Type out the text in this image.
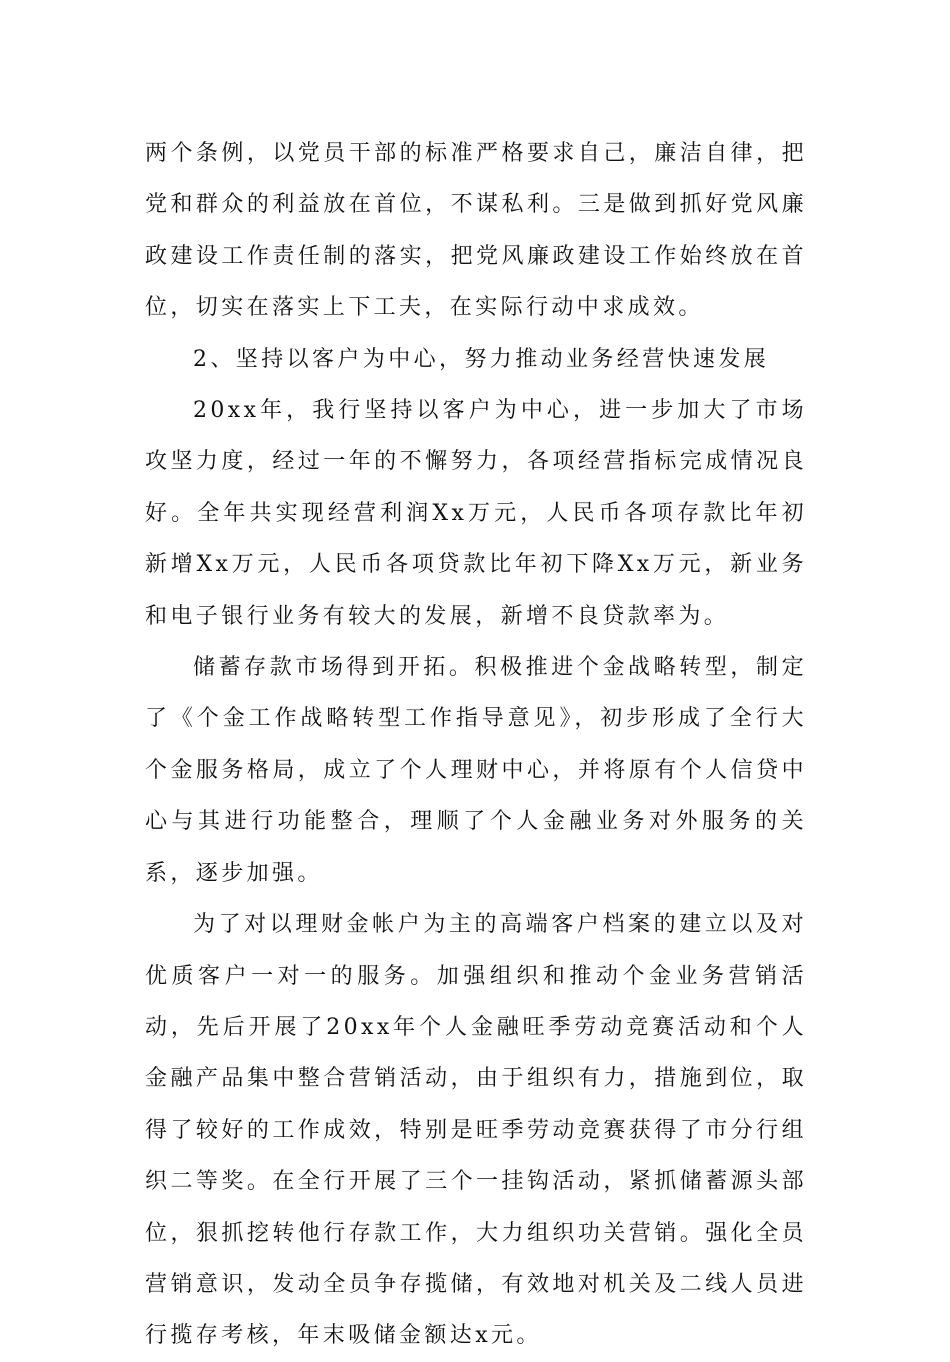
两个条例，以党员干部的标准严格要求自己，廉洁自律，把党和群众的利益放在首位，不谋私利。三是做到抓好党风廉政建设工作责任制的落实，把党风廉政建设工作始终放在首位，切实在落实上下工夫，在实际行动中求成效。

2、坚持以客户为中心，努力推动业务经营快速发展

20xx年，我行坚持以客户为中心，进一步加大了市场攻坚力度，经过一年的不懈努力，各项经营指标完成情况良好。全年共实现经营利润Xx万元，人民币各项存款比年初新增Xx万元，人民币各项贷款比年初下降Xx万元，新业务和电子银行业务有较大的发展，新增不良贷款率为。

储蓄存款市场得到开拓。积极推进个金战略转型，制定了《个金工作战略转型工作指导意见》，初步形成了全行大个金服务格局，成立了个人理财中心，并将原有个人信贷中心与其进行功能整合，理顺了个人金融业务对外服务的关系，逐步加强。

为了对以理财金帐户为主的高端客户档案的建立以及对优质客户一对一的服务。加强组织和推动个金业务营销活动，先后开展了20xx年个人金融旺季劳动竞赛活动和个人金融产品集中整合营销活动，由于组织有力，措施到位，取得了较好的工作成效，特别是旺季劳动竞赛获得了市分行组织二等奖。在全行开展了三个一挂钩活动，紧抓储蓄源头部位，狠抓挖转他行存款工作，大力组织功关营销。强化全员营销意识，发动全员争存揽储，有效地对机关及二线人员进行揽存考核，年末吸储金额达x元。
